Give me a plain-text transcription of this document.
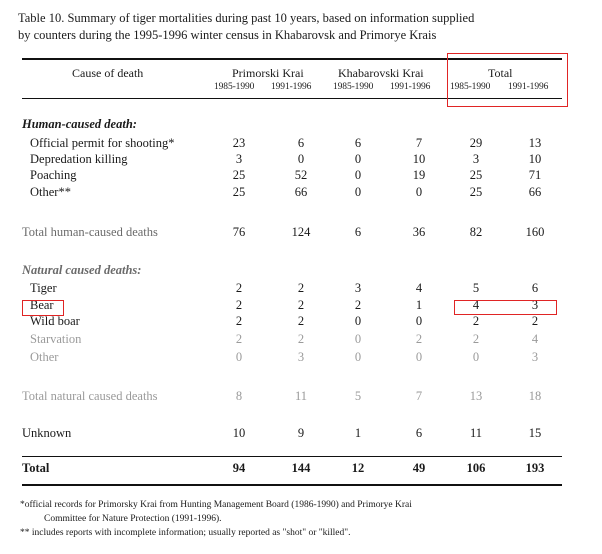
Table 10. Summary of tiger mortalities during past 10 years, based on information supplied
by counters during the 1995-1996 winter census in Khabarovsk and Primorye Krais
Cause of death	Primorski Krai	Khabarovski Krai	Total
1985-1990 1991-1996 1985-1990 1991-1996 1985-1990 1991-1996
Human-caused death:
Natural caused deaths:
Official permit for shooting*	23	6	6	7	29	13
Depredation killing	3	0	0	10	3	10
Poaching	25	52	0	19	25	71
Other**	25	66	0	0	25	66
Total human-caused deaths	76	124	6	36	82	160
Tiger	2	2	3	4	5	6
Bear	2	2	2	1	4	3
Wild boar	2	2	0	0	2	2
Starvation	2	2	0	2	2	4
Other	0	3	0	0	0	3
Total natural caused deaths	8	11	5	7	13	18
Unknown	10	9	1	6	11	15
Total	94	144	12	49	106	193
*official records for Primorsky Krai from Hunting Management Board (1986-1990) and Primorye Krai
Committee for Nature Protection (1991-1996).
** includes reports with incomplete information; usually reported as "shot" or "killed".
